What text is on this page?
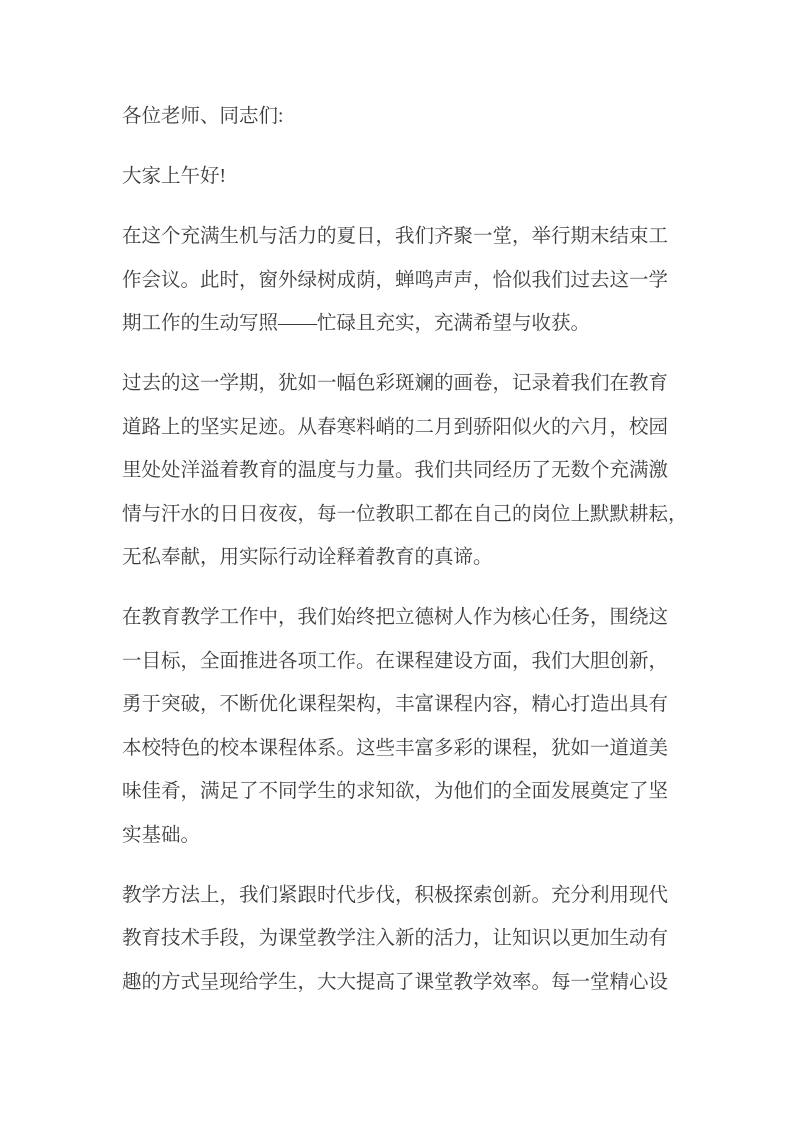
各位老师、同志们:
大家上午好!
在这个充满生机与活力的夏日，我们齐聚一堂，举行期末结束工
作会议。此时，窗外绿树成荫，蝉鸣声声，恰似我们过去这一学
期工作的生动写照——忙碌且充实，充满希望与收获。
过去的这一学期，犹如一幅色彩斑斓的画卷，记录着我们在教育
道路上的坚实足迹。从春寒料峭的二月到骄阳似火的六月，校园
里处处洋溢着教育的温度与力量。我们共同经历了无数个充满激
情与汗水的日日夜夜，每一位教职工都在自己的岗位上默默耕耘，
无私奉献，用实际行动诠释着教育的真谛。
在教育教学工作中，我们始终把立德树人作为核心任务，围绕这
一目标，全面推进各项工作。在课程建设方面，我们大胆创新，
勇于突破，不断优化课程架构，丰富课程内容，精心打造出具有
本校特色的校本课程体系。这些丰富多彩的课程，犹如一道道美
味佳肴，满足了不同学生的求知欲，为他们的全面发展奠定了坚
实基础。
教学方法上，我们紧跟时代步伐，积极探索创新。充分利用现代
教育技术手段，为课堂教学注入新的活力，让知识以更加生动有
趣的方式呈现给学生，大大提高了课堂教学效率。每一堂精心设
